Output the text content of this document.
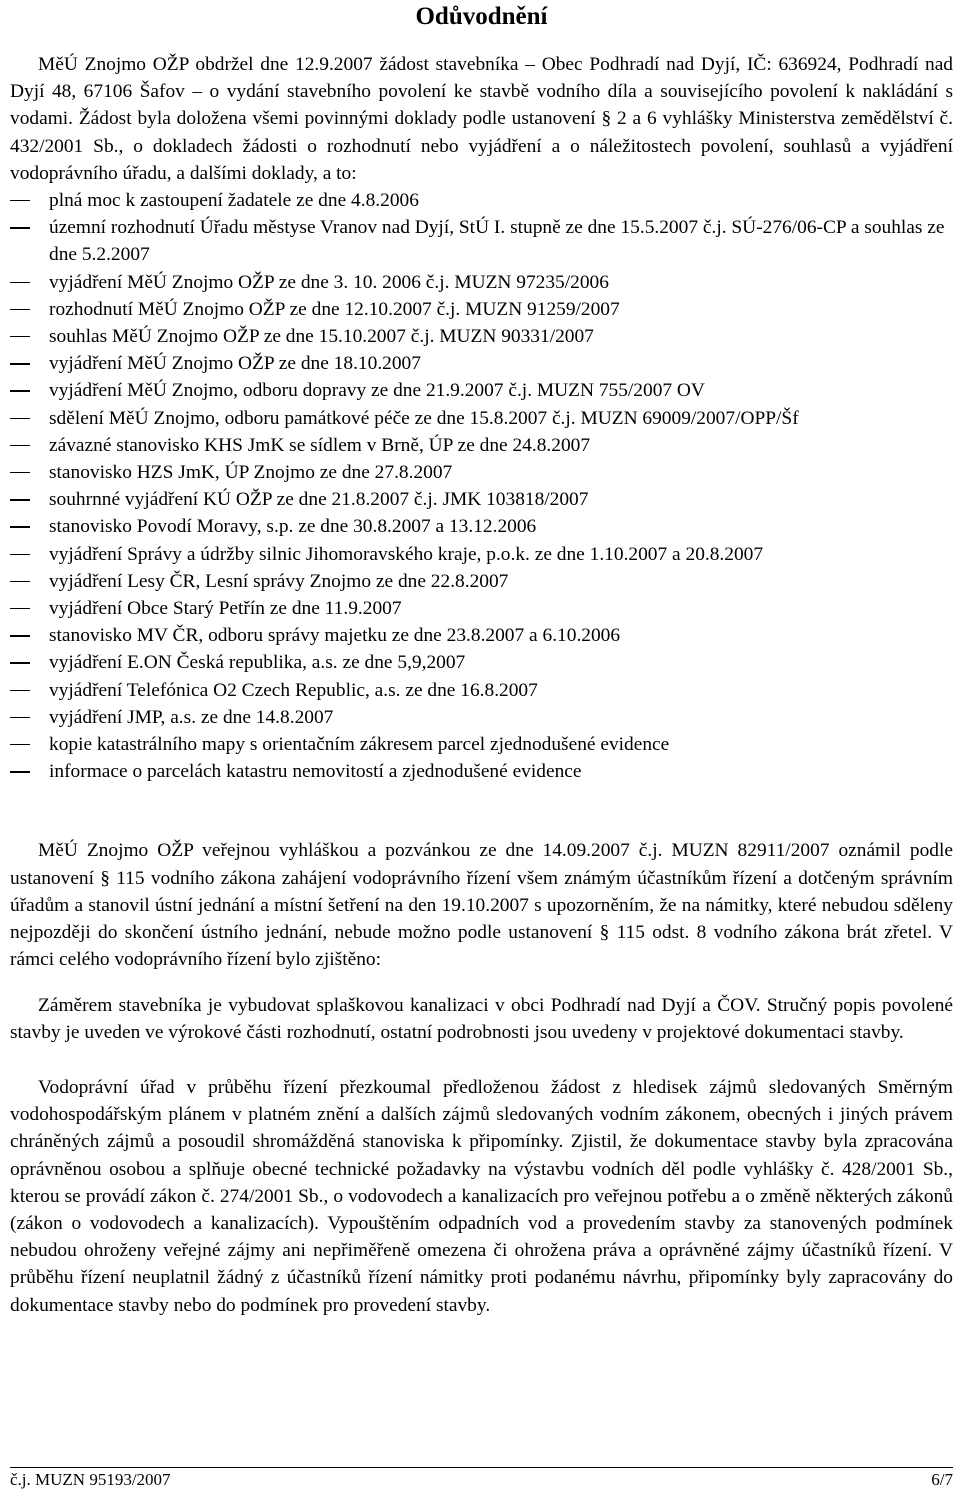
Odůvodnění

MěÚ Znojmo OŽP obdržel dne 12.9.2007 žádost stavebníka – Obec Podhradí nad Dyjí, IČ: 636924, Podhradí nad Dyjí 48, 67106 Šafov – o vydání stavebního povolení ke stavbě vodního díla a souvisejícího povolení k nakládání s vodami. Žádost byla doložena všemi povinnými doklady podle ustanovení § 2 a 6 vyhlášky Ministerstva zemědělství č. 432/2001 Sb., o dokladech žádosti o rozhodnutí nebo vyjádření a o náležitostech povolení, souhlasů a vyjádření vodoprávního úřadu, a dalšími doklady, a to:

plná moc k zastoupení žadatele ze dne 4.8.2006
územní rozhodnutí Úřadu městyse Vranov nad Dyjí, StÚ I. stupně ze dne 15.5.2007 č.j. SÚ-276/06-CP a souhlas ze dne 5.2.2007
vyjádření MěÚ Znojmo OŽP ze dne 3. 10. 2006 č.j. MUZN 97235/2006
rozhodnutí MěÚ Znojmo OŽP ze dne 12.10.2007 č.j. MUZN 91259/2007
souhlas MěÚ Znojmo OŽP ze dne 15.10.2007 č.j. MUZN 90331/2007
vyjádření MěÚ Znojmo OŽP ze dne 18.10.2007
vyjádření MěÚ Znojmo, odboru dopravy ze dne 21.9.2007 č.j. MUZN 755/2007 OV
sdělení MěÚ Znojmo, odboru památkové péče ze dne 15.8.2007 č.j. MUZN 69009/2007/OPP/Šf
závazné stanovisko KHS JmK se sídlem v Brně, ÚP ze dne 24.8.2007
stanovisko HZS JmK, ÚP Znojmo ze dne 27.8.2007
souhrnné vyjádření KÚ OŽP ze dne 21.8.2007 č.j. JMK 103818/2007
stanovisko Povodí Moravy, s.p. ze dne 30.8.2007 a 13.12.2006
vyjádření Správy a údržby silnic Jihomoravského kraje, p.o.k. ze dne 1.10.2007 a 20.8.2007
vyjádření Lesy ČR, Lesní správy Znojmo ze dne 22.8.2007
vyjádření Obce Starý Petřín ze dne 11.9.2007
stanovisko MV ČR, odboru správy majetku ze dne 23.8.2007 a 6.10.2006
vyjádření E.ON Česká republika, a.s. ze dne 5,9,2007
vyjádření Telefónica O2 Czech Republic, a.s. ze dne 16.8.2007
vyjádření JMP, a.s. ze dne 14.8.2007
kopie katastrálního mapy s orientačním zákresem parcel zjednodušené evidence
informace o parcelách katastru nemovitostí a zjednodušené evidence

MěÚ Znojmo OŽP veřejnou vyhláškou a pozvánkou ze dne 14.09.2007 č.j. MUZN 82911/2007 oznámil podle ustanovení § 115 vodního zákona zahájení vodoprávního řízení všem známým účastníkům řízení a dotčeným správním úřadům a stanovil ústní jednání a místní šetření na den 19.10.2007 s upozorněním, že na námitky, které nebudou sděleny nejpozději do skončení ústního jednání, nebude možno podle ustanovení § 115 odst. 8 vodního zákona brát zřetel. V rámci celého vodoprávního řízení bylo zjištěno:

Záměrem stavebníka je vybudovat splaškovou kanalizaci v obci Podhradí nad Dyjí a ČOV. Stručný popis povolené stavby je uveden ve výrokové části rozhodnutí, ostatní podrobnosti jsou uvedeny v projektové dokumentaci stavby.

Vodoprávní úřad v průběhu řízení přezkoumal předloženou žádost z hledisek zájmů sledovaných Směrným vodohospodářským plánem v platném znění a dalších zájmů sledovaných vodním zákonem, obecných i jiných právem chráněných zájmů a posoudil shromážděná stanoviska k připomínky. Zjistil, že dokumentace stavby byla zpracována oprávněnou osobou a splňuje obecné technické požadavky na výstavbu vodních děl podle vyhlášky č. 428/2001 Sb., kterou se provádí zákon č. 274/2001 Sb., o vodovodech a kanalizacích pro veřejnou potřebu a o změně některých zákonů (zákon o vodovodech a kanalizacích). Vypouštěním odpadních vod a provedením stavby za stanovených podmínek nebudou ohroženy veřejné zájmy ani nepřiměřeně omezena či ohrožena práva a oprávněné zájmy účastníků řízení. V průběhu řízení neuplatnil žádný z účastníků řízení námitky proti podanému návrhu, připomínky byly zapracovány do dokumentace stavby nebo do podmínek pro provedení stavby.

č.j. MUZN 95193/2007	6/7
